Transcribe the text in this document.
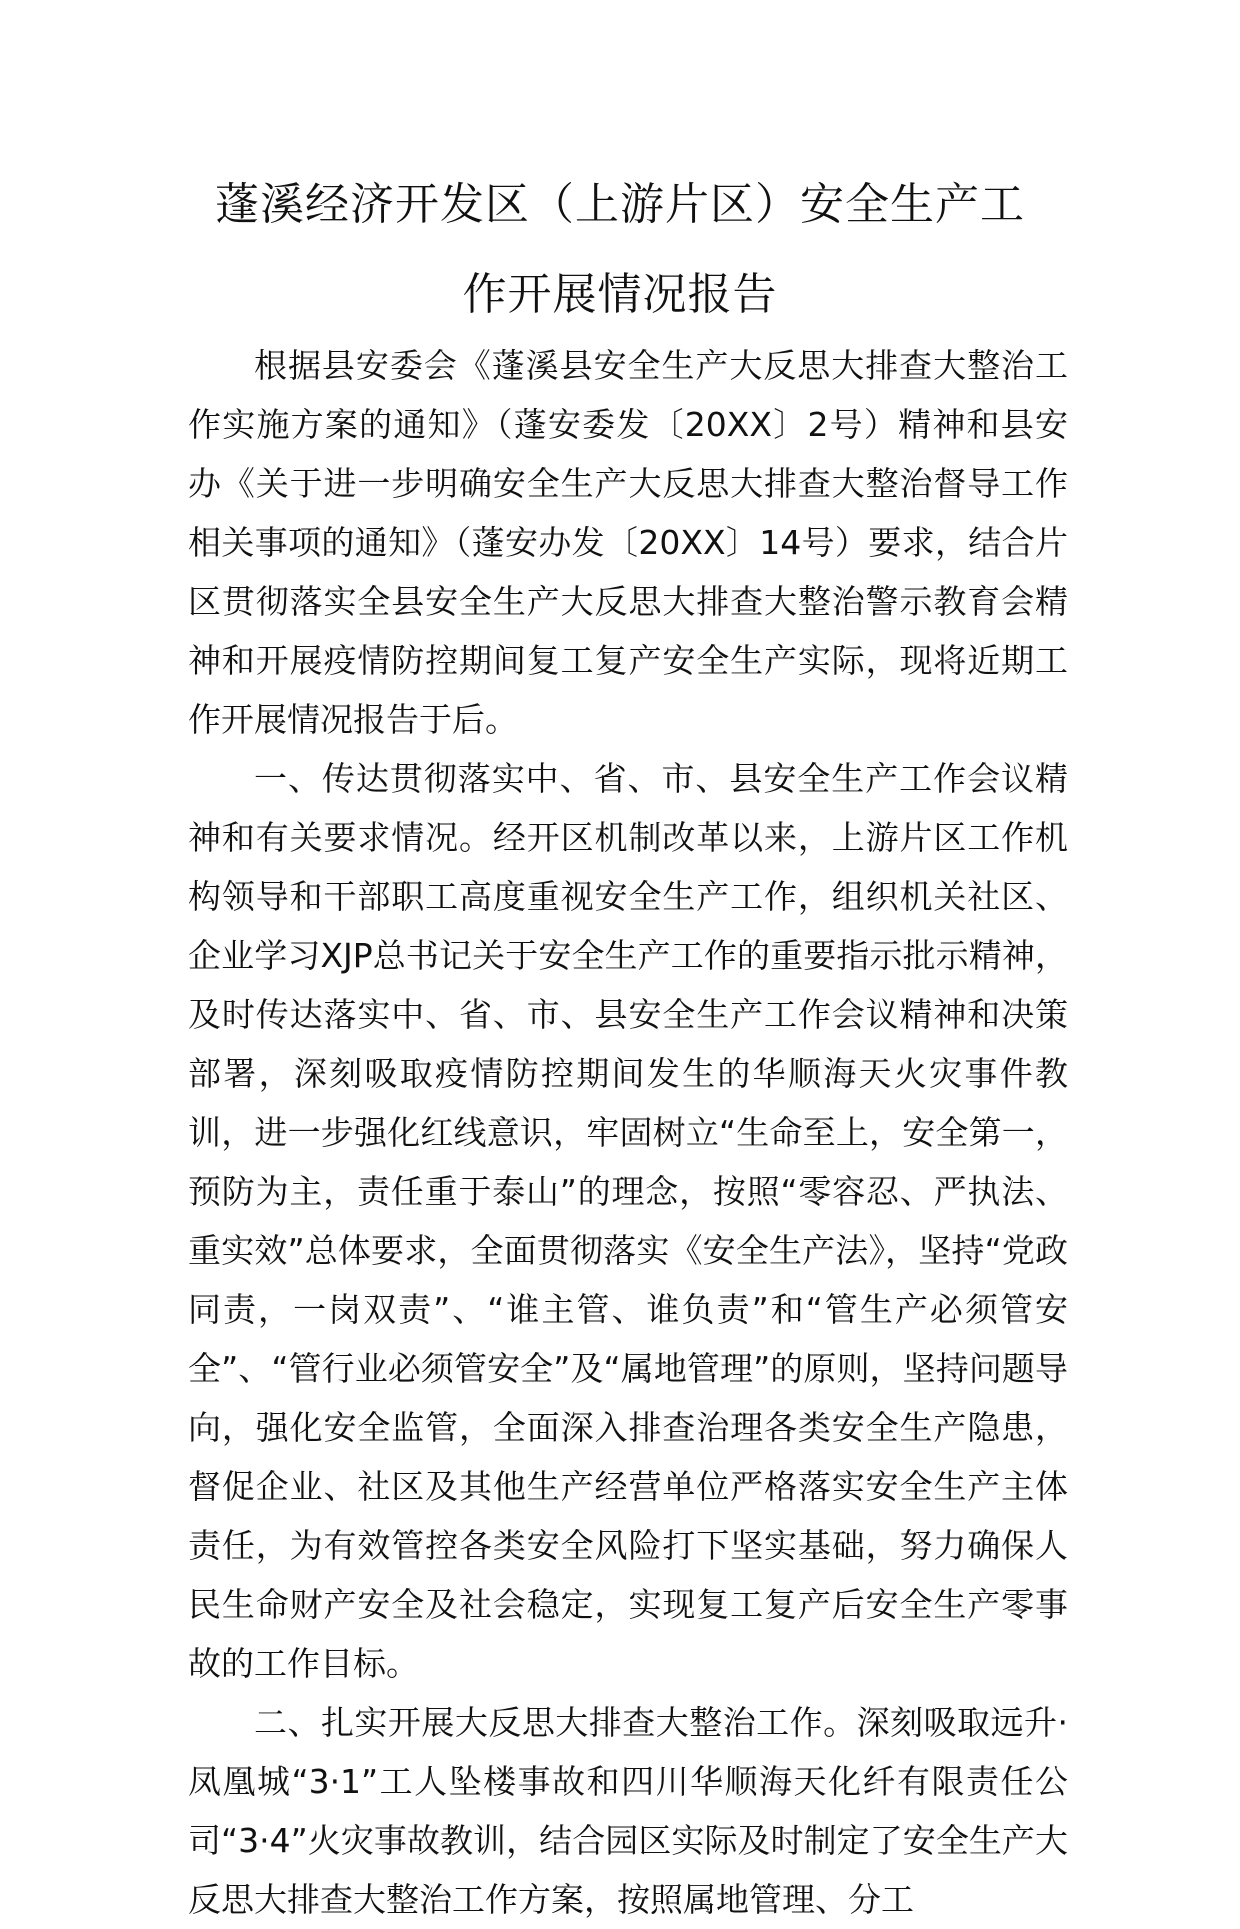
蓬溪经济开发区（上游片区）安全生产工
作开展情况报告

根据县安委会《蓬溪县安全生产大反思大排查大整治工作实施方案的通知》（蓬安委发〔20XX〕2号）精神和县安办《关于进一步明确安全生产大反思大排查大整治督导工作相关事项的通知》（蓬安办发〔20XX〕14号）要求，结合片区贯彻落实全县安全生产大反思大排查大整治警示教育会精神和开展疫情防控期间复工复产安全生产实际，现将近期工作开展情况报告于后。

一、传达贯彻落实中、省、市、县安全生产工作会议精神和有关要求情况。经开区机制改革以来，上游片区工作机构领导和干部职工高度重视安全生产工作，组织机关社区、企业学习XJP总书记关于安全生产工作的重要指示批示精神，及时传达落实中、省、市、县安全生产工作会议精神和决策部署，深刻吸取疫情防控期间发生的华顺海天火灾事件教训，进一步强化红线意识，牢固树立“生命至上，安全第一，预防为主，责任重于泰山”的理念，按照“零容忍、严执法、重实效”总体要求，全面贯彻落实《安全生产法》，坚持“党政同责，一岗双责”、“谁主管、谁负责”和“管生产必须管安全”、“管行业必须管安全”及“属地管理”的原则，坚持问题导向，强化安全监管，全面深入排查治理各类安全生产隐患，督促企业、社区及其他生产经营单位严格落实安全生产主体责任，为有效管控各类安全风险打下坚实基础，努力确保人民生命财产安全及社会稳定，实现复工复产后安全生产零事故的工作目标。

二、扎实开展大反思大排查大整治工作。深刻吸取远升·凤凰城“3·1”工人坠楼事故和四川华顺海天化纤有限责任公司“3·4”火灾事故教训，结合园区实际及时制定了安全生产大反思大排查大整治工作方案，按照属地管理、分工
